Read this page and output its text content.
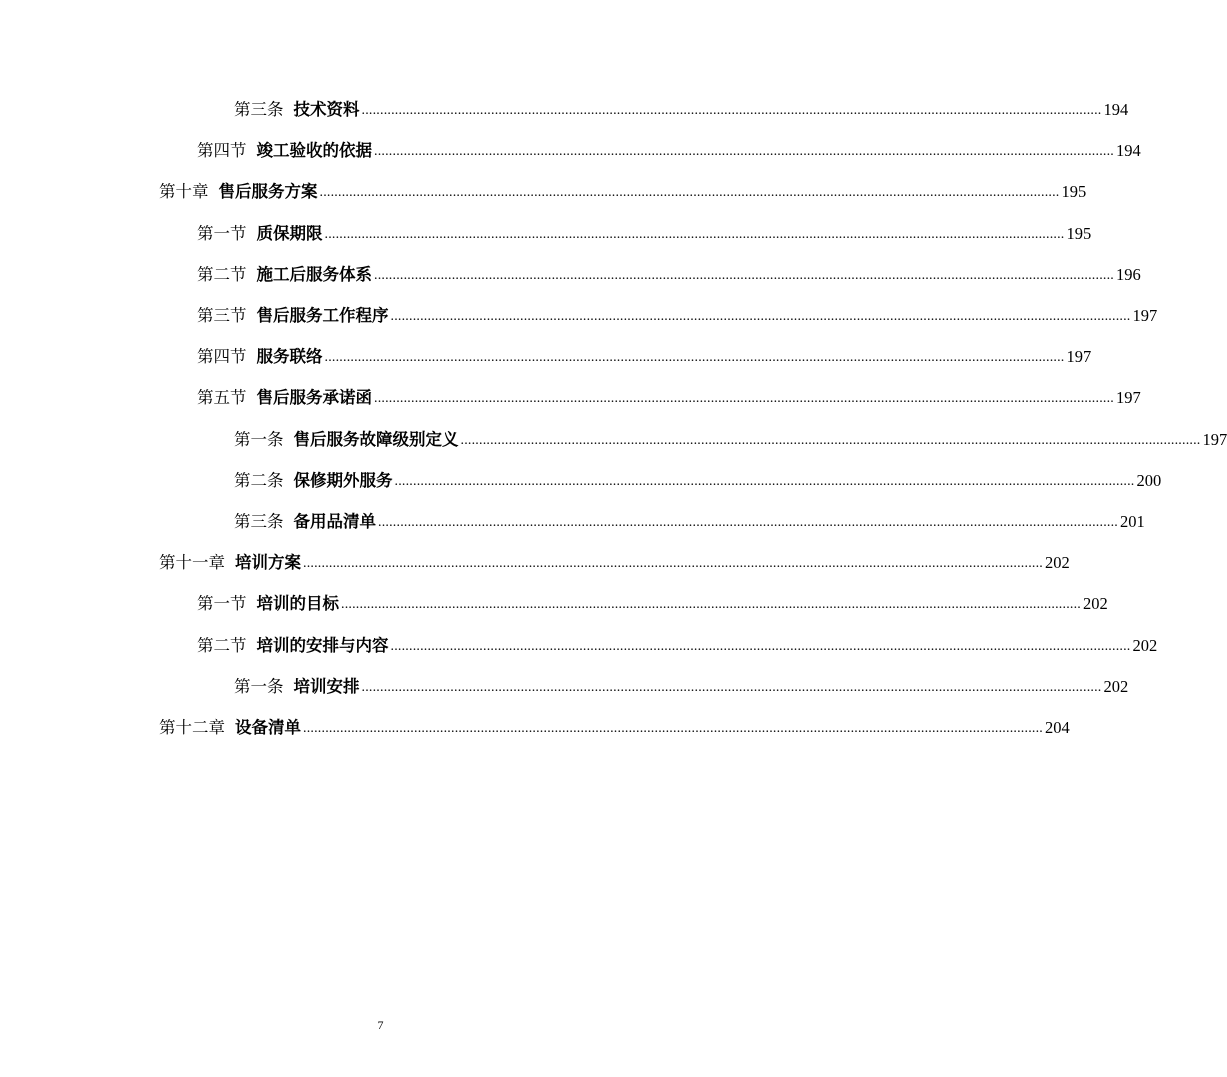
第三条 技术资料 ........................................................................................................................................................................................................ 194
第四节 竣工验收的依据 ........................................................................................................................................................................................................ 194
第十章 售后服务方案 ........................................................................................................................................................................................................ 195
第一节 质保期限 ........................................................................................................................................................................................................ 195
第二节 施工后服务体系 ........................................................................................................................................................................................................ 196
第三节 售后服务工作程序 ........................................................................................................................................................................................................ 197
第四节 服务联络 ........................................................................................................................................................................................................ 197
第五节 售后服务承诺函 ........................................................................................................................................................................................................ 197
第一条 售后服务故障级别定义 ........................................................................................................................................................................................................ 197
第二条 保修期外服务 ........................................................................................................................................................................................................ 200
第三条 备用品清单 ........................................................................................................................................................................................................ 201
第十一章 培训方案 ........................................................................................................................................................................................................ 202
第一节 培训的目标 ........................................................................................................................................................................................................ 202
第二节 培训的安排与内容 ........................................................................................................................................................................................................ 202
第一条 培训安排 ........................................................................................................................................................................................................ 202
第十二章 设备清单 ........................................................................................................................................................................................................ 204
7
